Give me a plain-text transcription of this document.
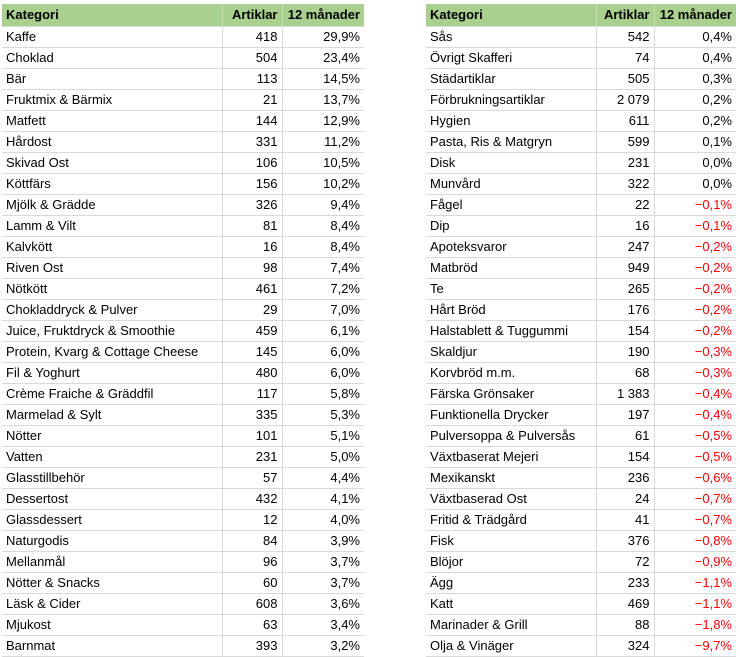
Kategori	Artiklar	12 månader
Kaffe	418	29,9%
Choklad	504	23,4%
Bär	113	14,5%
Fruktmix & Bärmix	21	13,7%
Matfett	144	12,9%
Hårdost	331	11,2%
Skivad Ost	106	10,5%
Köttfärs	156	10,2%
Mjölk & Grädde	326	9,4%
Lamm & Vilt	81	8,4%
Kalvkött	16	8,4%
Riven Ost	98	7,4%
Nötkött	461	7,2%
Chokladdryck & Pulver	29	7,0%
Juice, Fruktdryck & Smoothie	459	6,1%
Protein, Kvarg & Cottage Cheese	145	6,0%
Fil & Yoghurt	480	6,0%
Crème Fraiche & Gräddfil	117	5,8%
Marmelad & Sylt	335	5,3%
Nötter	101	5,1%
Vatten	231	5,0%
Glasstillbehör	57	4,4%
Dessertost	432	4,1%
Glassdessert	12	4,0%
Naturgodis	84	3,9%
Mellanmål	96	3,7%
Nötter & Snacks	60	3,7%
Läsk & Cider	608	3,6%
Mjukost	63	3,4%
Barnmat	393	3,2%
Kategori	Artiklar	12 månader
Sås	542	0,4%
Övrigt Skafferi	74	0,4%
Städartiklar	505	0,3%
Förbrukningsartiklar	2 079	0,2%
Hygien	611	0,2%
Pasta, Ris & Matgryn	599	0,1%
Disk	231	0,0%
Munvård	322	0,0%
Fågel	22	−0,1%
Dip	16	−0,1%
Apoteksvaror	247	−0,2%
Matbröd	949	−0,2%
Te	265	−0,2%
Hårt Bröd	176	−0,2%
Halstablett & Tuggummi	154	−0,2%
Skaldjur	190	−0,3%
Korvbröd m.m.	68	−0,3%
Färska Grönsaker	1 383	−0,4%
Funktionella Drycker	197	−0,4%
Pulversoppa & Pulversås	61	−0,5%
Växtbaserat Mejeri	154	−0,5%
Mexikanskt	236	−0,6%
Växtbaserad Ost	24	−0,7%
Fritid & Trädgård	41	−0,7%
Fisk	376	−0,8%
Blöjor	72	−0,9%
Ägg	233	−1,1%
Katt	469	−1,1%
Marinader & Grill	88	−1,8%
Olja & Vinäger	324	−9,7%
